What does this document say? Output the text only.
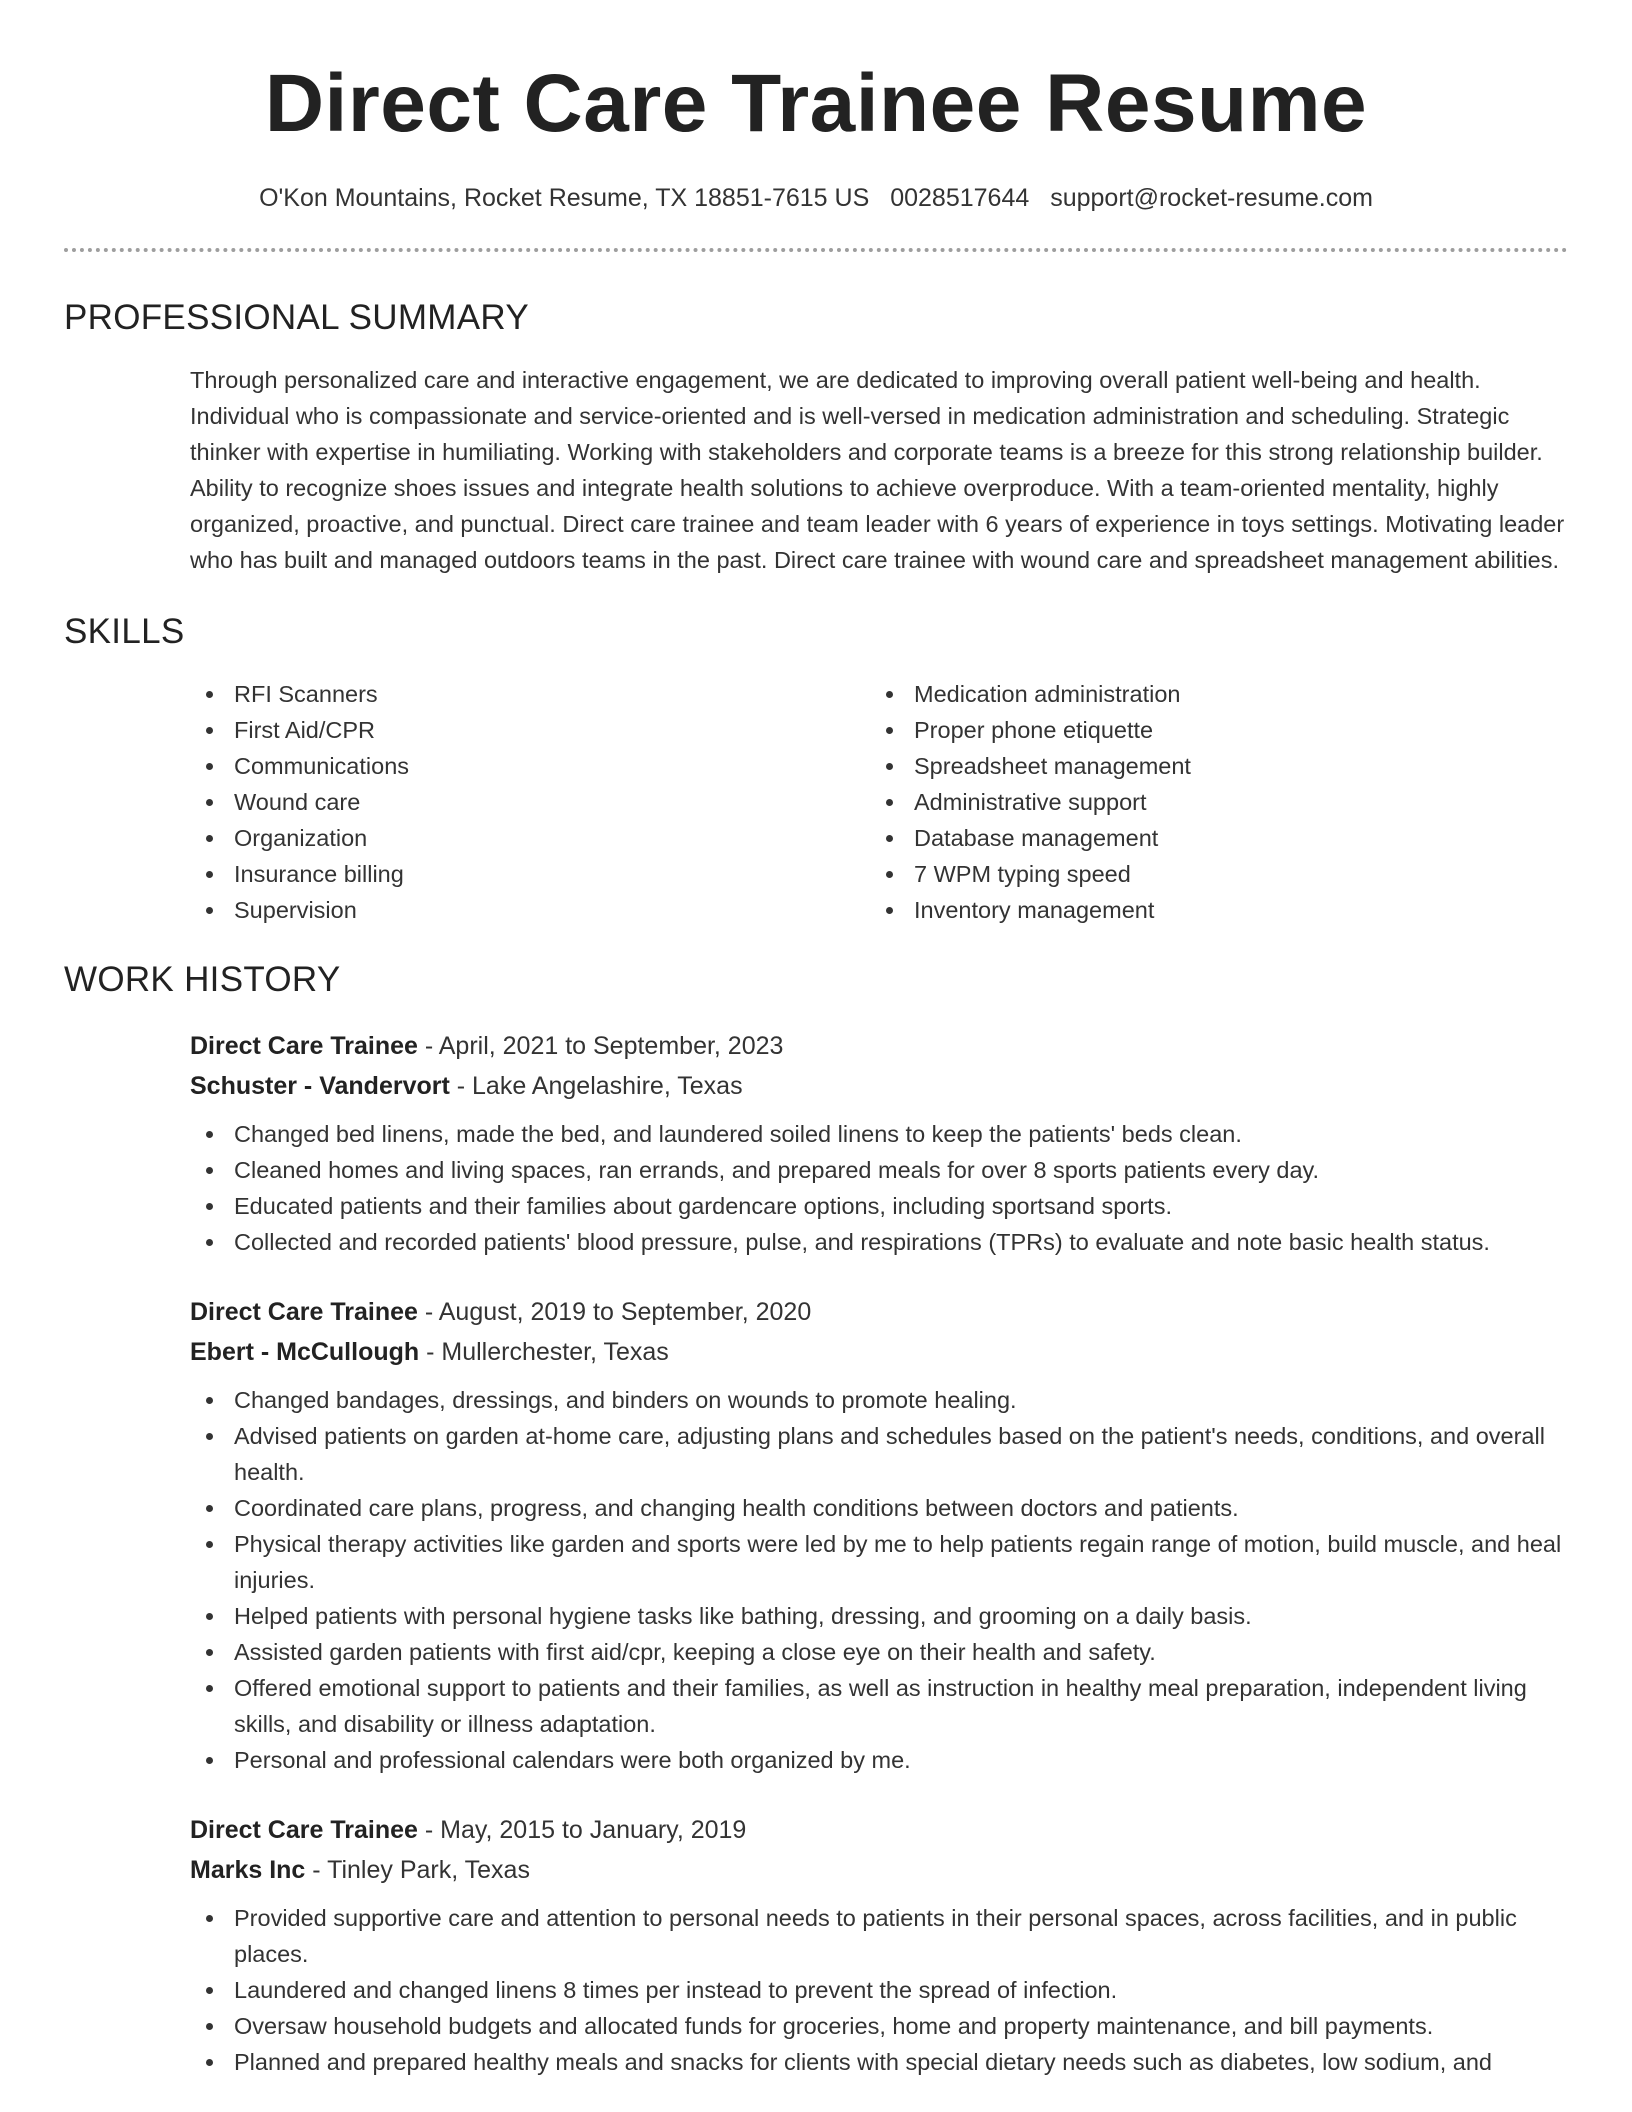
Direct Care Trainee Resume
O'Kon Mountains, Rocket Resume, TX 18851-7615 US 0028517644 support@rocket-resume.com
PROFESSIONAL SUMMARY

Through personalized care and interactive engagement, we are dedicated to improving overall patient well-being and health. Individual who is compassionate and service-oriented and is well-versed in medication administration and scheduling. Strategic thinker with expertise in humiliating. Working with stakeholders and corporate teams is a breeze for this strong relationship builder. Ability to recognize shoes issues and integrate health solutions to achieve overproduce. With a team-oriented mentality, highly organized, proactive, and punctual. Direct care trainee and team leader with 6 years of experience in toys settings. Motivating leader who has built and managed outdoors teams in the past. Direct care trainee with wound care and spreadsheet management abilities.

SKILLS
RFI Scanners
First Aid/CPR
Communications
Wound care
Organization
Insurance billing
Supervision
Medication administration
Proper phone etiquette
Spreadsheet management
Administrative support
Database management
7 WPM typing speed
Inventory management
WORK HISTORY
Direct Care Trainee - April, 2021 to September, 2023
Schuster - Vandervort - Lake Angelashire, Texas
Changed bed linens, made the bed, and laundered soiled linens to keep the patients' beds clean.
Cleaned homes and living spaces, ran errands, and prepared meals for over 8 sports patients every day.
Educated patients and their families about gardencare options, including sportsand sports.
Collected and recorded patients' blood pressure, pulse, and respirations (TPRs) to evaluate and note basic health status.
Direct Care Trainee - August, 2019 to September, 2020
Ebert - McCullough - Mullerchester, Texas
Changed bandages, dressings, and binders on wounds to promote healing.
Advised patients on garden at-home care, adjusting plans and schedules based on the patient's needs, conditions, and overall health.
Coordinated care plans, progress, and changing health conditions between doctors and patients.
Physical therapy activities like garden and sports were led by me to help patients regain range of motion, build muscle, and heal injuries.
Helped patients with personal hygiene tasks like bathing, dressing, and grooming on a daily basis.
Assisted garden patients with first aid/cpr, keeping a close eye on their health and safety.
Offered emotional support to patients and their families, as well as instruction in healthy meal preparation, independent living skills, and disability or illness adaptation.
Personal and professional calendars were both organized by me.
Direct Care Trainee - May, 2015 to January, 2019
Marks Inc - Tinley Park, Texas
Provided supportive care and attention to personal needs to patients in their personal spaces, across facilities, and in public places.
Laundered and changed linens 8 times per instead to prevent the spread of infection.
Oversaw household budgets and allocated funds for groceries, home and property maintenance, and bill payments.
Planned and prepared healthy meals and snacks for clients with special dietary needs such as diabetes, low sodium, and
